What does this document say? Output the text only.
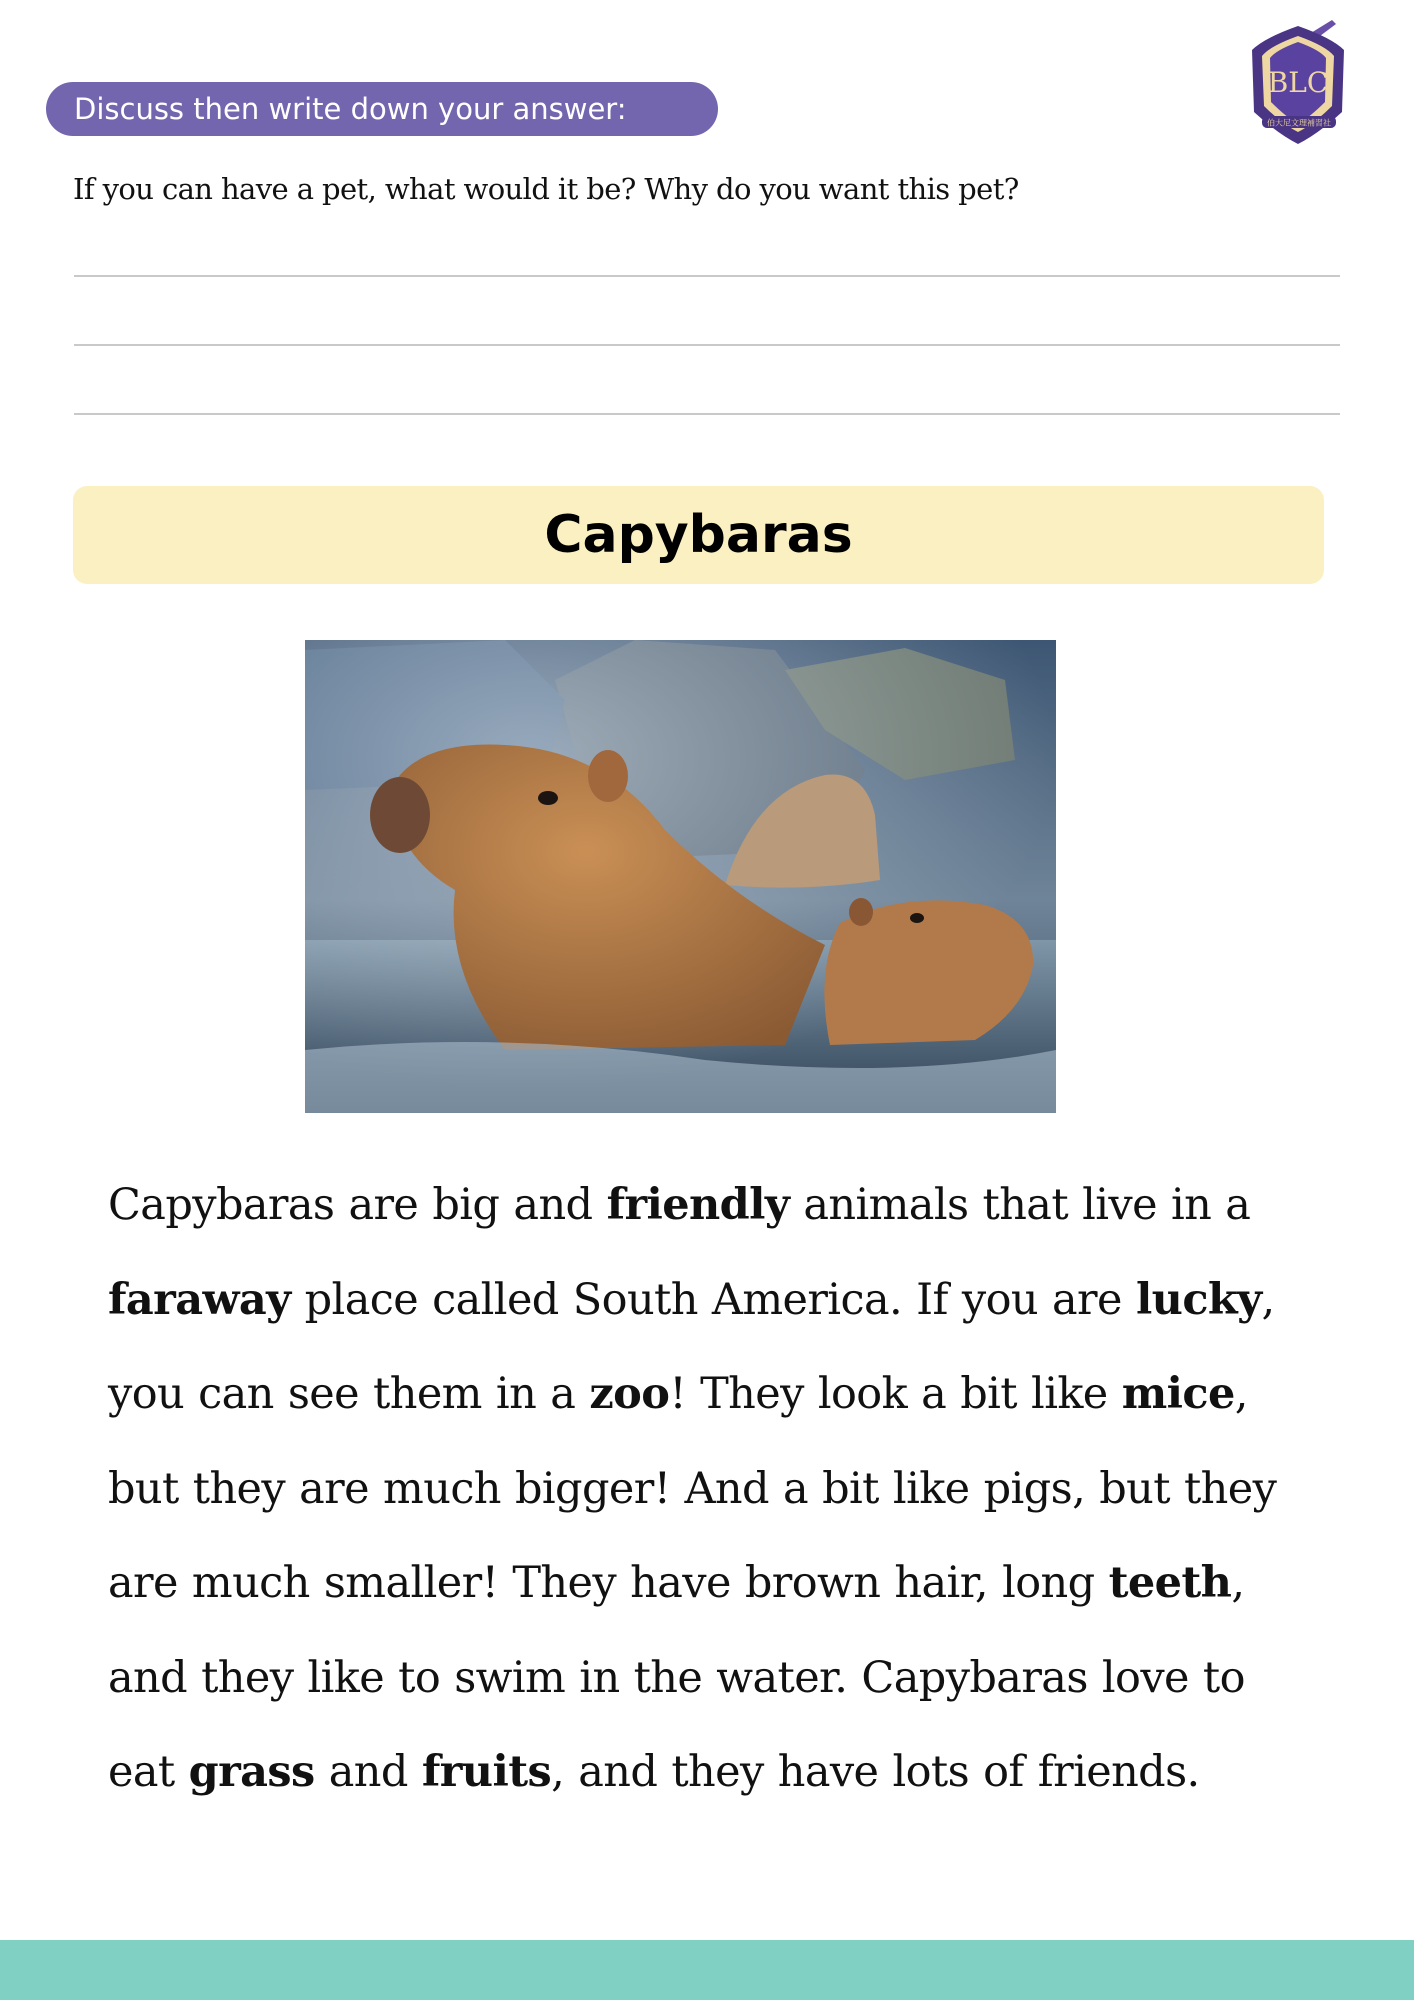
Discuss then write down your answer:
BLC
伯大尼文理補習社
If you can have a pet, what would it be? Why do you want this pet?
Capybaras
Capybaras are big and friendly animals that live in a
faraway place called South America. If you are lucky,
you can see them in a zoo! They look a bit like mice,
but they are much bigger! And a bit like pigs, but they
are much smaller! They have brown hair, long teeth,
and they like to swim in the water. Capybaras love to
eat grass and fruits, and they have lots of friends.
